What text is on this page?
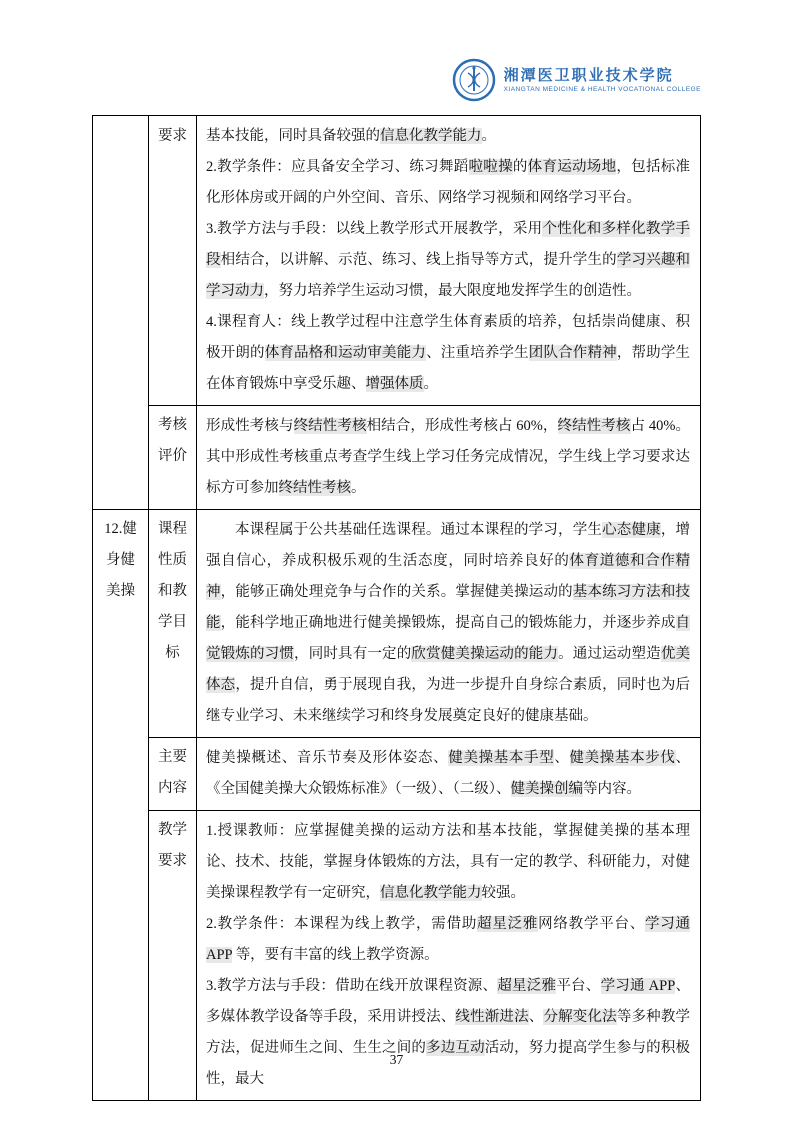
湘潭医卫职业技术学院
XIANGTAN MEDICINE & HEALTH VOCATIONAL COLLEGE
	要求	基本技能，同时具备较强的信息化教学能力。

2.教学条件：应具备安全学习、练习舞蹈啦啦操的体育运动场地，包括标准化形体房或开阔的户外空间、音乐、网络学习视频和网络学习平台。

3.教学方法与手段：以线上教学形式开展教学，采用个性化和多样化教学手段相结合，以讲解、示范、练习、线上指导等方式，提升学生的学习兴趣和学习动力，努力培养学生运动习惯，最大限度地发挥学生的创造性。

4.课程育人：线上教学过程中注意学生体育素质的培养，包括崇尚健康、积极开朗的体育品格和运动审美能力、注重培养学生团队合作精神，帮助学生在体育锻炼中享受乐趣、增强体质。

	考核评价	形成性考核与终结性考核相结合，形成性考核占 60%，终结性考核占 40%。其中形成性考核重点考查学生线上学习任务完成情况，学生线上学习要求达标方可参加终结性考核。

12.健身健美操	课程性质和教学目标	本课程属于公共基础任选课程。通过本课程的学习，学生心态健康，增强自信心，养成积极乐观的生活态度，同时培养良好的体育道德和合作精神，能够正确处理竞争与合作的关系。掌握健美操运动的基本练习方法和技能，能科学地正确地进行健美操锻炼，提高自己的锻炼能力，并逐步养成自觉锻炼的习惯，同时具有一定的欣赏健美操运动的能力。通过运动塑造优美体态，提升自信，勇于展现自我，为进一步提升自身综合素质，同时也为后继专业学习、未来继续学习和终身发展奠定良好的健康基础。

	主要内容	健美操概述、音乐节奏及形体姿态、健美操基本手型、健美操基本步伐、《全国健美操大众锻炼标准》（一级）、（二级）、健美操创编等内容。

	教学要求	1.授课教师：应掌握健美操的运动方法和基本技能，掌握健美操的基本理论、技术、技能，掌握身体锻炼的方法，具有一定的教学、科研能力，对健美操课程教学有一定研究，信息化教学能力较强。

2.教学条件：本课程为线上教学，需借助超星泛雅网络教学平台、学习通 APP 等，要有丰富的线上教学资源。

3.教学方法与手段：借助在线开放课程资源、超星泛雅平台、学习通 APP、多媒体教学设备等手段，采用讲授法、线性渐进法、分解变化法等多种教学方法，促进师生之间、生生之间的多边互动活动，努力提高学生参与的积极性，最大

37
